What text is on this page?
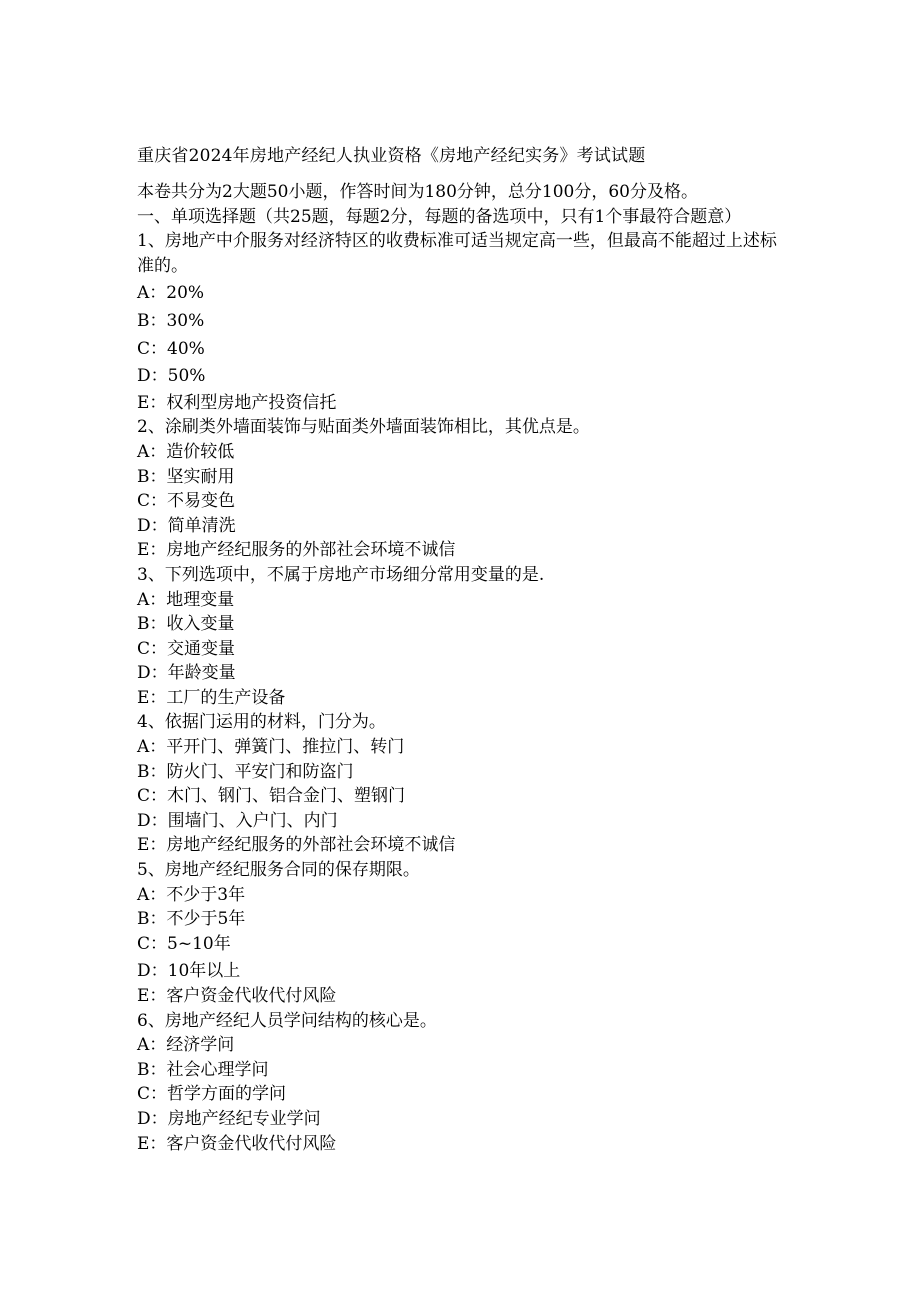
重庆省2024年房地产经纪人执业资格《房地产经纪实务》考试试题
本卷共分为2大题50小题，作答时间为180分钟，总分100分，60分及格。
一、单项选择题（共25题，每题2分，每题的备选项中，只有1个事最符合题意）
1、房地产中介服务对经济特区的收费标准可适当规定高一些，但最高不能超过上述标准的。
A：20%
B：30%
C：40%
D：50%
E：权利型房地产投资信托
2、涂刷类外墙面装饰与贴面类外墙面装饰相比，其优点是。
A：造价较低
B：坚实耐用
C：不易变色
D：简单清洗
E：房地产经纪服务的外部社会环境不诚信
3、下列选项中，不属于房地产市场细分常用变量的是.
A：地理变量
B：收入变量
C：交通变量
D：年龄变量
E：工厂的生产设备
4、依据门运用的材料，门分为。
A：平开门、弹簧门、推拉门、转门
B：防火门、平安门和防盗门
C：木门、钢门、铝合金门、塑钢门
D：围墙门、入户门、内门
E：房地产经纪服务的外部社会环境不诚信
5、房地产经纪服务合同的保存期限。
A：不少于3年
B：不少于5年
C：5~10年
D：10年以上
E：客户资金代收代付风险
6、房地产经纪人员学问结构的核心是。
A：经济学问
B：社会心理学问
C：哲学方面的学问
D：房地产经纪专业学问
E：客户资金代收代付风险
